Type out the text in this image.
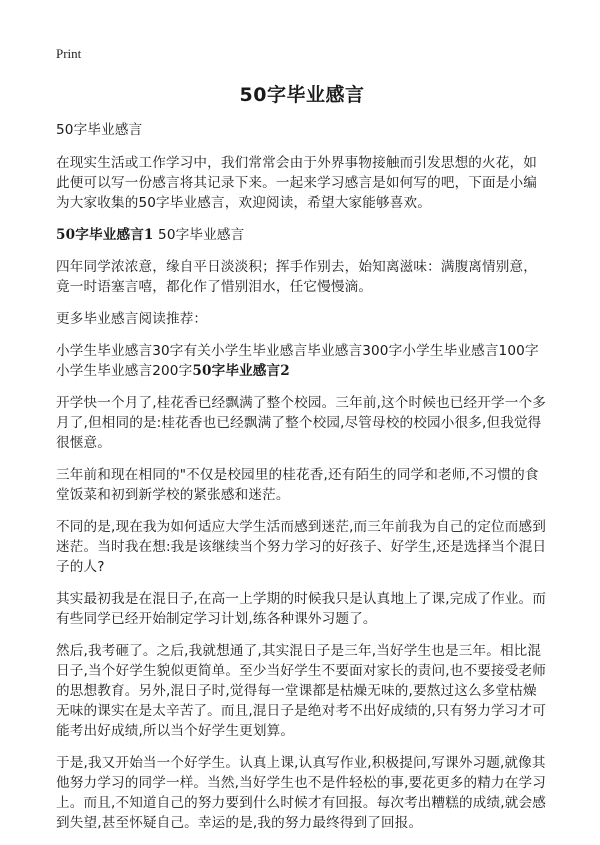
Print
50字毕业感言

50字毕业感言

在现实生活或工作学习中，我们常常会由于外界事物接触而引发思想的火花，如此便可以写一份感言将其记录下来。一起来学习感言是如何写的吧，下面是小编为大家收集的50字毕业感言，欢迎阅读，希望大家能够喜欢。

50字毕业感言1 50字毕业感言

四年同学浓浓意，缘自平日淡淡积；挥手作别去，始知离滋味：满腹离情别意，竟一时语塞言嘻，都化作了惜别泪水，任它慢慢滴。

更多毕业感言阅读推荐：

小学生毕业感言30字有关小学生毕业感言毕业感言300字小学生毕业感言100字小学生毕业感言200字50字毕业感言2

开学快一个月了,桂花香已经飘满了整个校园。三年前,这个时候也已经开学一个多月了,但相同的是:桂花香也已经飘满了整个校园,尽管母校的校园小很多,但我觉得很惬意。

三年前和现在相同的"不仅是校园里的桂花香,还有陌生的同学和老师,不习惯的食堂饭菜和初到新学校的紧张感和迷茫。

不同的是,现在我为如何适应大学生活而感到迷茫,而三年前我为自己的定位而感到迷茫。当时我在想:我是该继续当个努力学习的好孩子、好学生,还是选择当个混日子的人?

其实最初我是在混日子,在高一上学期的时候我只是认真地上了课,完成了作业。而有些同学已经开始制定学习计划,练各种课外习题了。

然后,我考砸了。之后,我就想通了,其实混日子是三年,当好学生也是三年。相比混日子,当个好学生貌似更简单。至少当好学生不要面对家长的责问,也不要接受老师的思想教育。另外,混日子时,觉得每一堂课都是枯燥无味的,要熬过这么多堂枯燥无味的课实在是太辛苦了。而且,混日子是绝对考不出好成绩的,只有努力学习才可能考出好成绩,所以当个好学生更划算。

于是,我又开始当一个好学生。认真上课,认真写作业,积极提问,写课外习题,就像其他努力学习的同学一样。当然,当好学生也不是件轻松的事,要花更多的精力在学习上。而且,不知道自己的努力要到什么时候才有回报。每次考出糟糕的成绩,就会感到失望,甚至怀疑自己。幸运的是,我的努力最终得到了回报。
